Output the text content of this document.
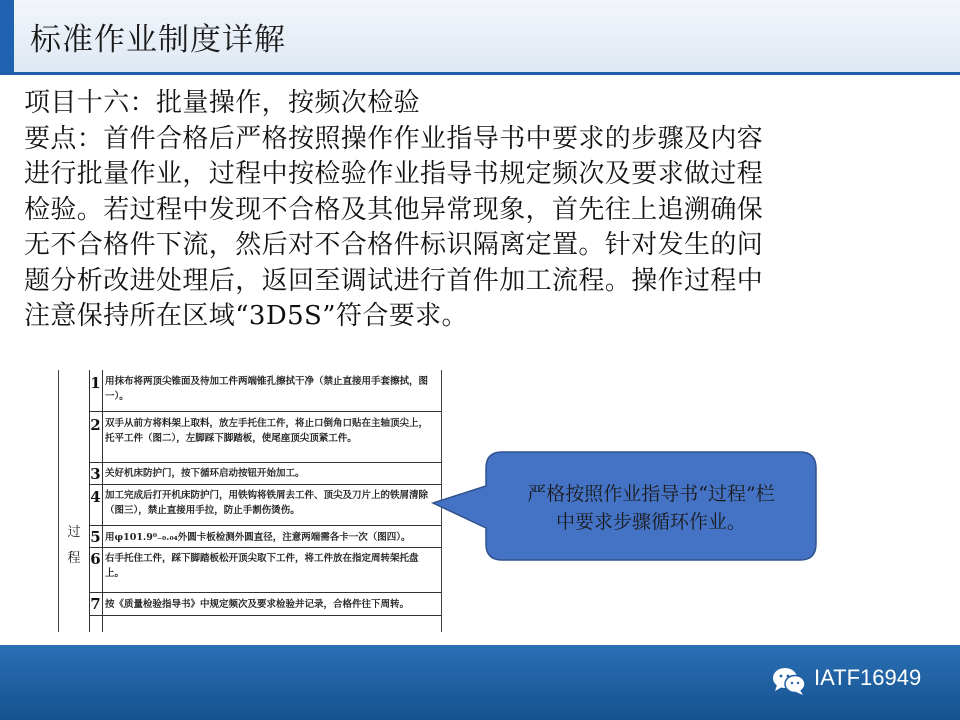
标准作业制度详解

项目十六：批量操作，按频次检验

要点：首件合格后严格按照操作作业指导书中要求的步骤及内容

进行批量作业，过程中按检验作业指导书规定频次及要求做过程

检验。若过程中发现不合格及其他异常现象，首先往上追溯确保

无不合格件下流，然后对不合格件标识隔离定置。针对发生的问

题分析改进处理后，返回至调试进行首件加工流程。操作过程中

注意保持所在区域“3D5S”符合要求。

过程
1 用抹布将两顶尖锥面及待加工件两端锥孔擦拭干净（禁止直接用手套擦拭，图一）。
2 双手从前方将料架上取料，放左手托住工件，将止口倒角口贴在主轴顶尖上，托平工件（图二），左脚踩下脚踏板，使尾座顶尖顶紧工件。
3 关好机床防护门，按下循环启动按钮开始加工。
4 加工完成后打开机床防护门，用铁钩将铁屑去工件、顶尖及刀片上的铁屑清除（图三），禁止直接用手拉，防止手割伤烫伤。
5 用φ101.9⁰₋₀.₀₄外圆卡板检测外圆直径，注意两端需各卡一次（图四）。
6 右手托住工件，踩下脚踏板松开顶尖取下工件，将工件放在指定周转架托盘上。
7 按《质量检验指导书》中规定频次及要求检验并记录，合格件往下周转。
严格按照作业指导书“过程”栏
中要求步骤循环作业。
IATF16949
